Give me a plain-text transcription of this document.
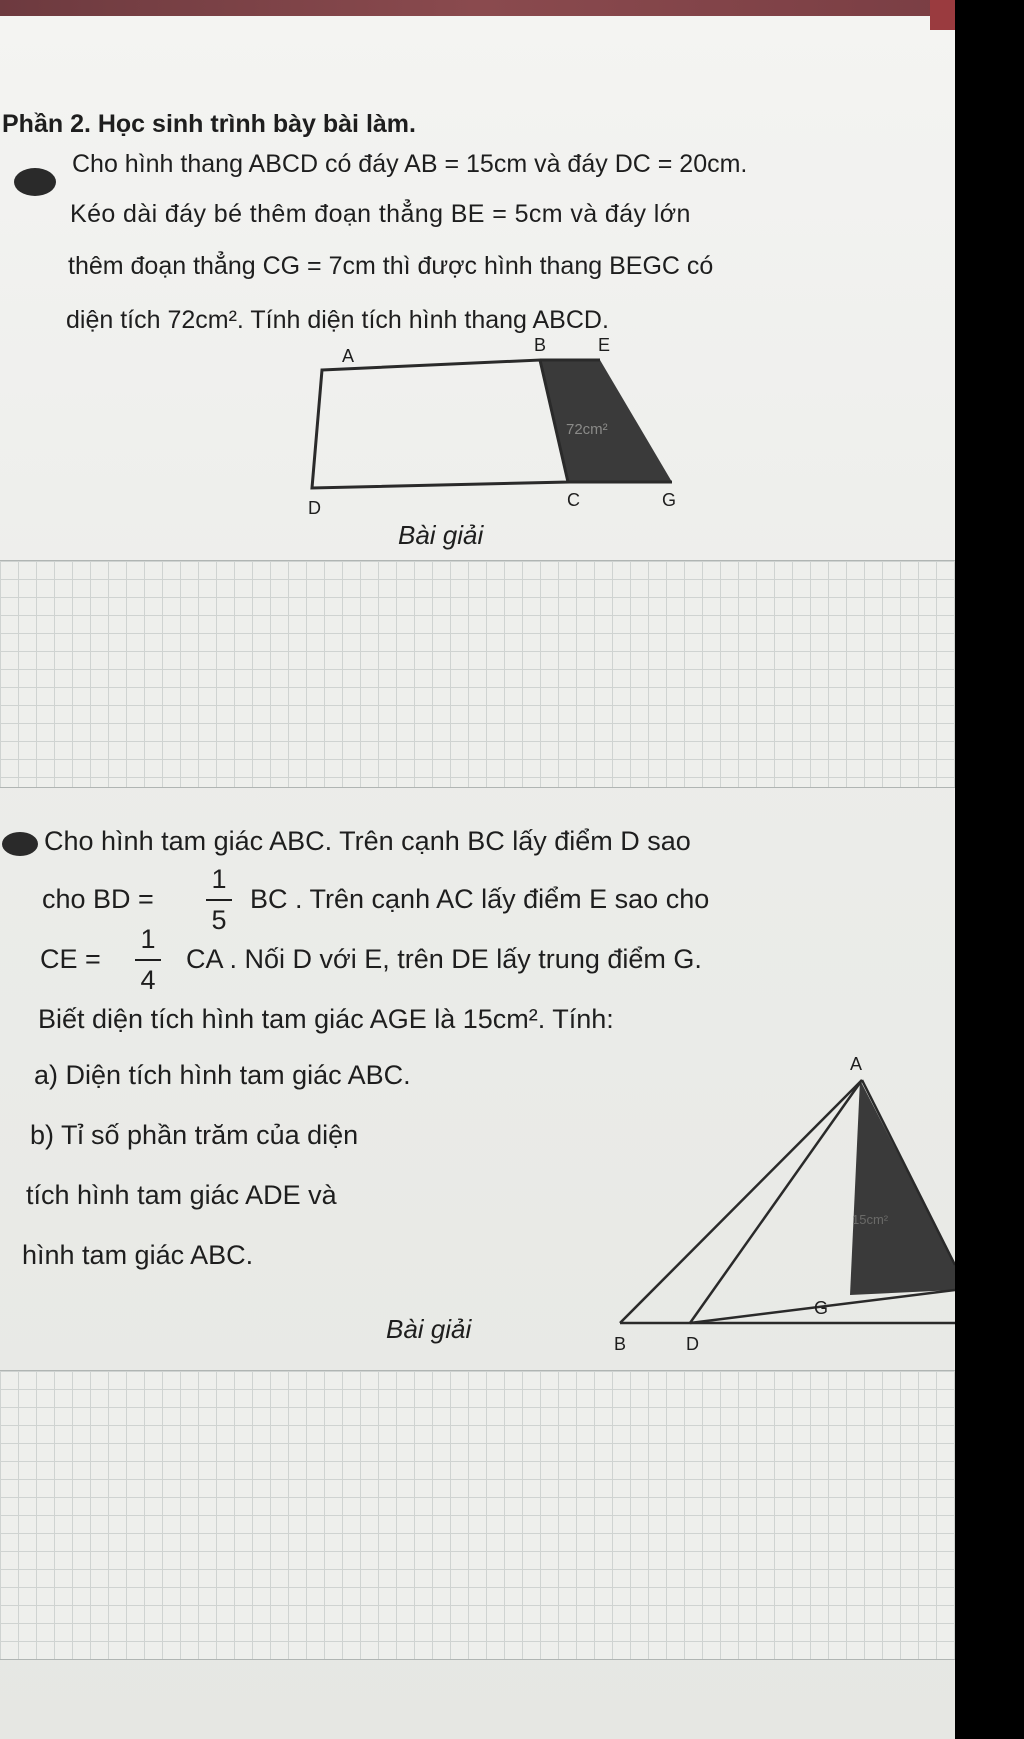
Phần 2. Học sinh trình bày bài làm.
Cho hình thang ABCD có đáy AB = 15cm và đáy DC = 20cm.
Kéo dài đáy bé thêm đoạn thẳng BE = 5cm và đáy lớn
thêm đoạn thẳng CG = 7cm thì được hình thang BEGC có
diện tích 72cm². Tính diện tích hình thang ABCD.
A
B	E
D	C	G
72cm²
Bài giải
Cho hình tam giác ABC. Trên cạnh BC lấy điểm D sao
cho BD =
1
5
BC . Trên cạnh AC lấy điểm E sao cho
CE =
1
4
CA . Nối D với E, trên DE lấy trung điểm G.
Biết diện tích hình tam giác AGE là 15cm². Tính:
a) Diện tích hình tam giác ABC.
b) Tỉ số phần trăm của diện
tích hình tam giác ADE và
hình tam giác ABC.
A
B	D
G
15cm²
Bài giải
